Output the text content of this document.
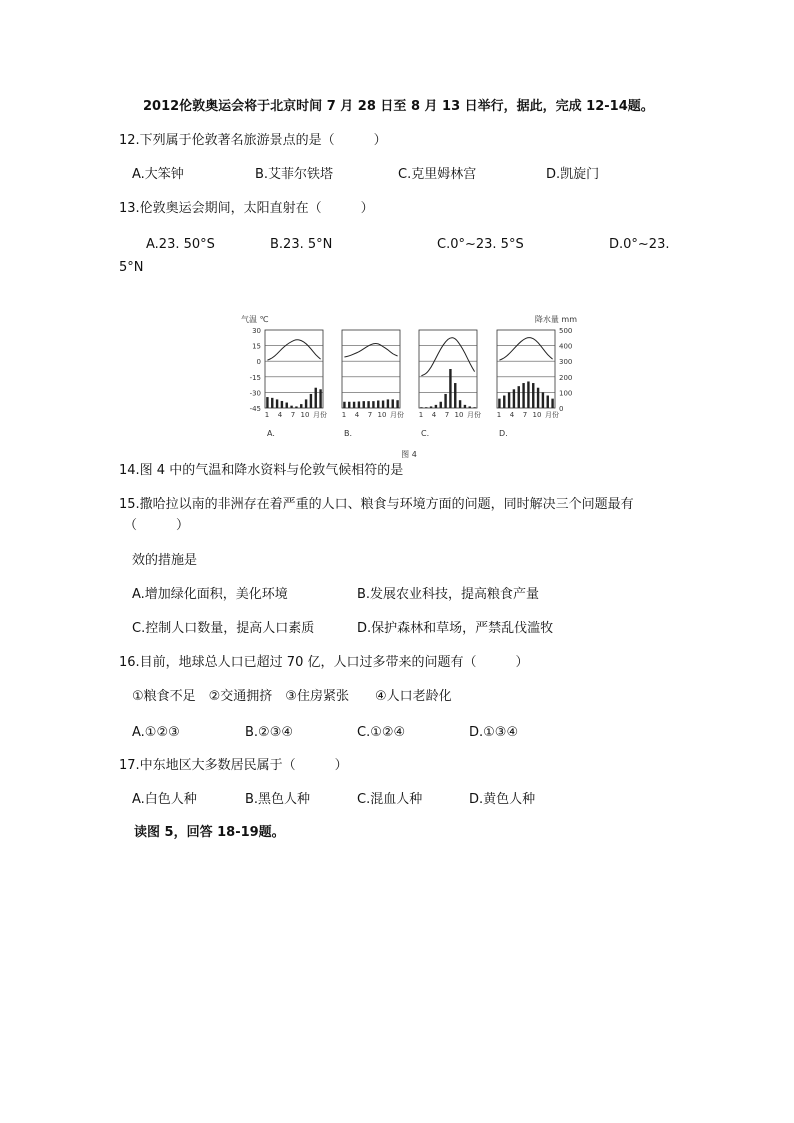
2012伦敦奥运会将于北京时间 7 月 28 日至 8 月 13 日举行，据此，完成 12-14题。
12.下列属于伦敦著名旅游景点的是（　　　）
A.大笨钟	B.艾菲尔铁塔	C.克里姆林宫	D.凯旋门
13.伦敦奥运会期间，太阳直射在（　　　）
A.23. 50°S	B.23. 5°N	C.0°~23. 5°S	D.0°~23.
5°N
气温 ℃	降水量 mm
30
15
0
-15
-30
-45
500
400
300
200
100
0
1 4 7 10 月份
A.
1 4 7 10 月份
B.
1 4 7 10 月份
C.
1 4 7 10 月份
D.
图 4
14.图 4 中的气温和降水资料与伦敦气候相符的是
15.撒哈拉以南的非洲存在着严重的人口、粮食与环境方面的问题，同时解决三个问题最有
（　　　）
效的措施是
A.增加绿化面积，美化环境	B.发展农业科技，提高粮食产量
C.控制人口数量，提高人口素质	D.保护森林和草场，严禁乱伐滥牧
16.目前，地球总人口已超过 70 亿，人口过多带来的问题有（　　　）
①粮食不足　②交通拥挤　③住房紧张　　④人口老龄化
A.①②③	B.②③④	C.①②④	D.①③④
17.中东地区大多数居民属于（　　　）
A.白色人种	B.黑色人种	C.混血人种	D.黄色人种
读图 5，回答 18-19题。
